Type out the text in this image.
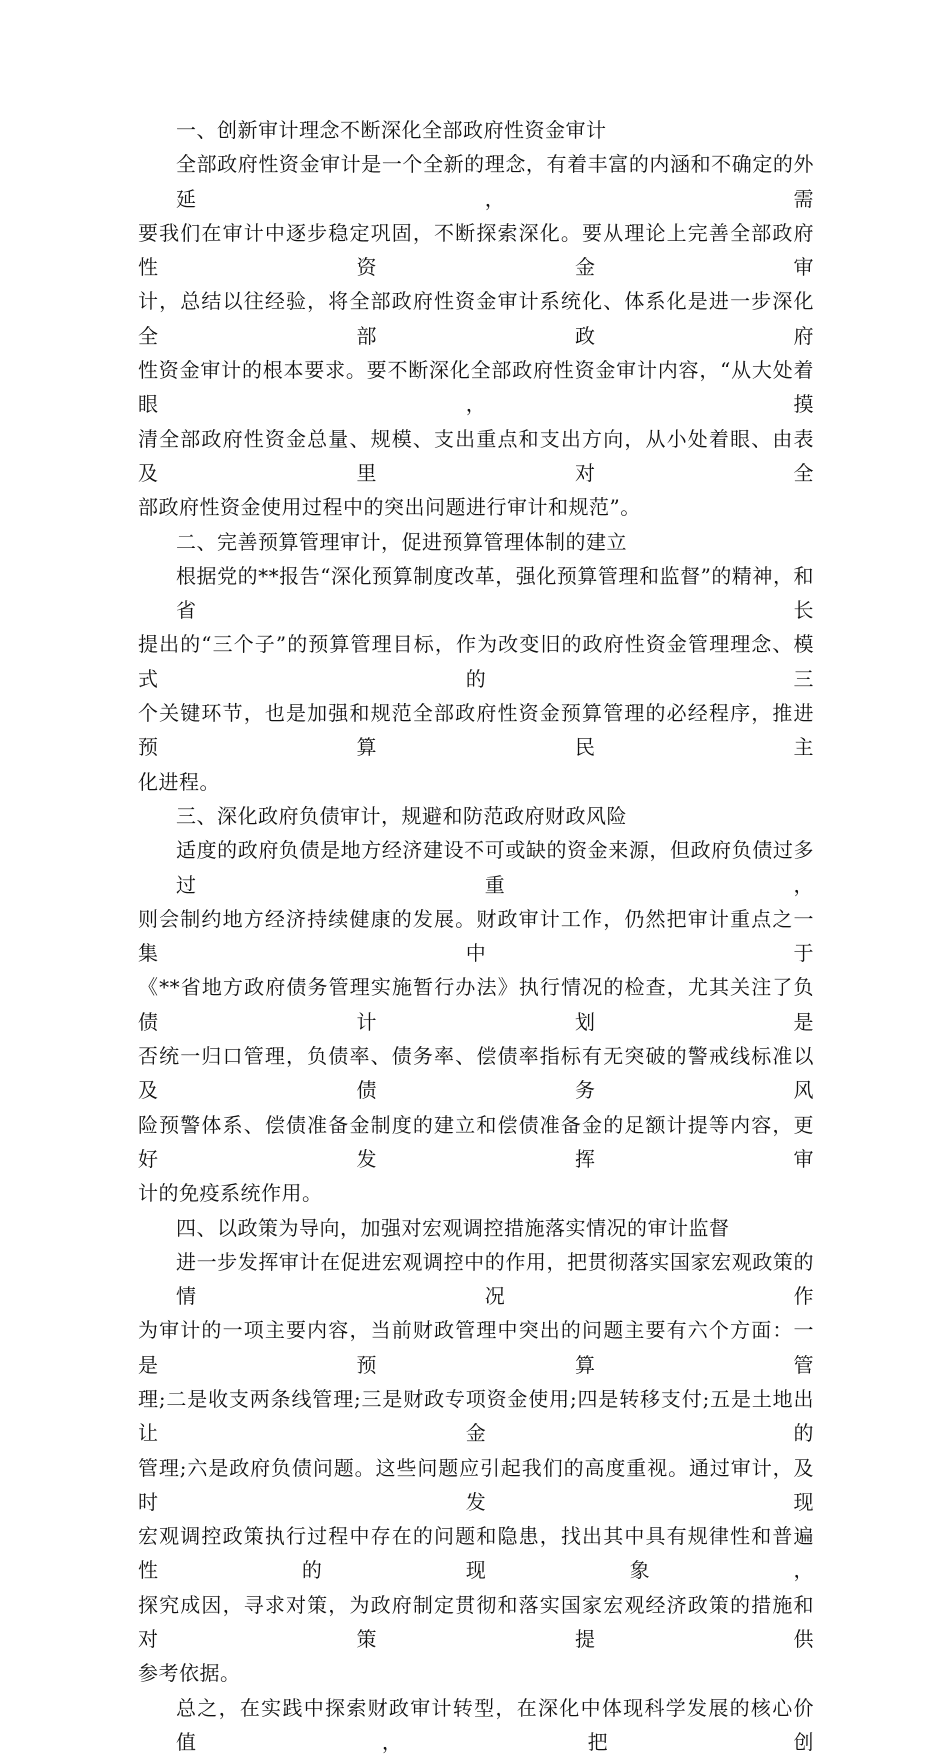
一、创新审计理念不断深化全部政府性资金审计
全部政府性资金审计是一个全新的理念，有着丰富的内涵和不确定的外延，需
要我们在审计中逐步稳定巩固，不断探索深化。要从理论上完善全部政府性资金审
计，总结以往经验，将全部政府性资金审计系统化、体系化是进一步深化全部政府
性资金审计的根本要求。要不断深化全部政府性资金审计内容，“从大处着眼，摸
清全部政府性资金总量、规模、支出重点和支出方向，从小处着眼、由表及里对全
部政府性资金使用过程中的突出问题进行审计和规范”。
二、完善预算管理审计，促进预算管理体制的建立
根据党的**报告“深化预算制度改革，强化预算管理和监督”的精神，和省长
提出的“三个子”的预算管理目标，作为改变旧的政府性资金管理理念、模式的三
个关键环节，也是加强和规范全部政府性资金预算管理的必经程序，推进预算民主
化进程。
三、深化政府负债审计，规避和防范政府财政风险
适度的政府负债是地方经济建设不可或缺的资金来源，但政府负债过多过重，
则会制约地方经济持续健康的发展。财政审计工作，仍然把审计重点之一集中于
《**省地方政府债务管理实施暂行办法》执行情况的检查，尤其关注了负债计划是
否统一归口管理，负债率、债务率、偿债率指标有无突破的警戒线标准以及债务风
险预警体系、偿债准备金制度的建立和偿债准备金的足额计提等内容，更好发挥审
计的免疫系统作用。
四、以政策为导向，加强对宏观调控措施落实情况的审计监督
进一步发挥审计在促进宏观调控中的作用，把贯彻落实国家宏观政策的情况作
为审计的一项主要内容，当前财政管理中突出的问题主要有六个方面：一是预算管
理;二是收支两条线管理;三是财政专项资金使用;四是转移支付;五是土地出让金的
管理;六是政府负债问题。这些问题应引起我们的高度重视。通过审计，及时发现
宏观调控政策执行过程中存在的问题和隐患，找出其中具有规律性和普遍性的现象，
探究成因，寻求对策，为政府制定贯彻和落实国家宏观经济政策的措施和对策提供
参考依据。
总之，在实践中探索财政审计转型，在深化中体现科学发展的核心价值，把创
